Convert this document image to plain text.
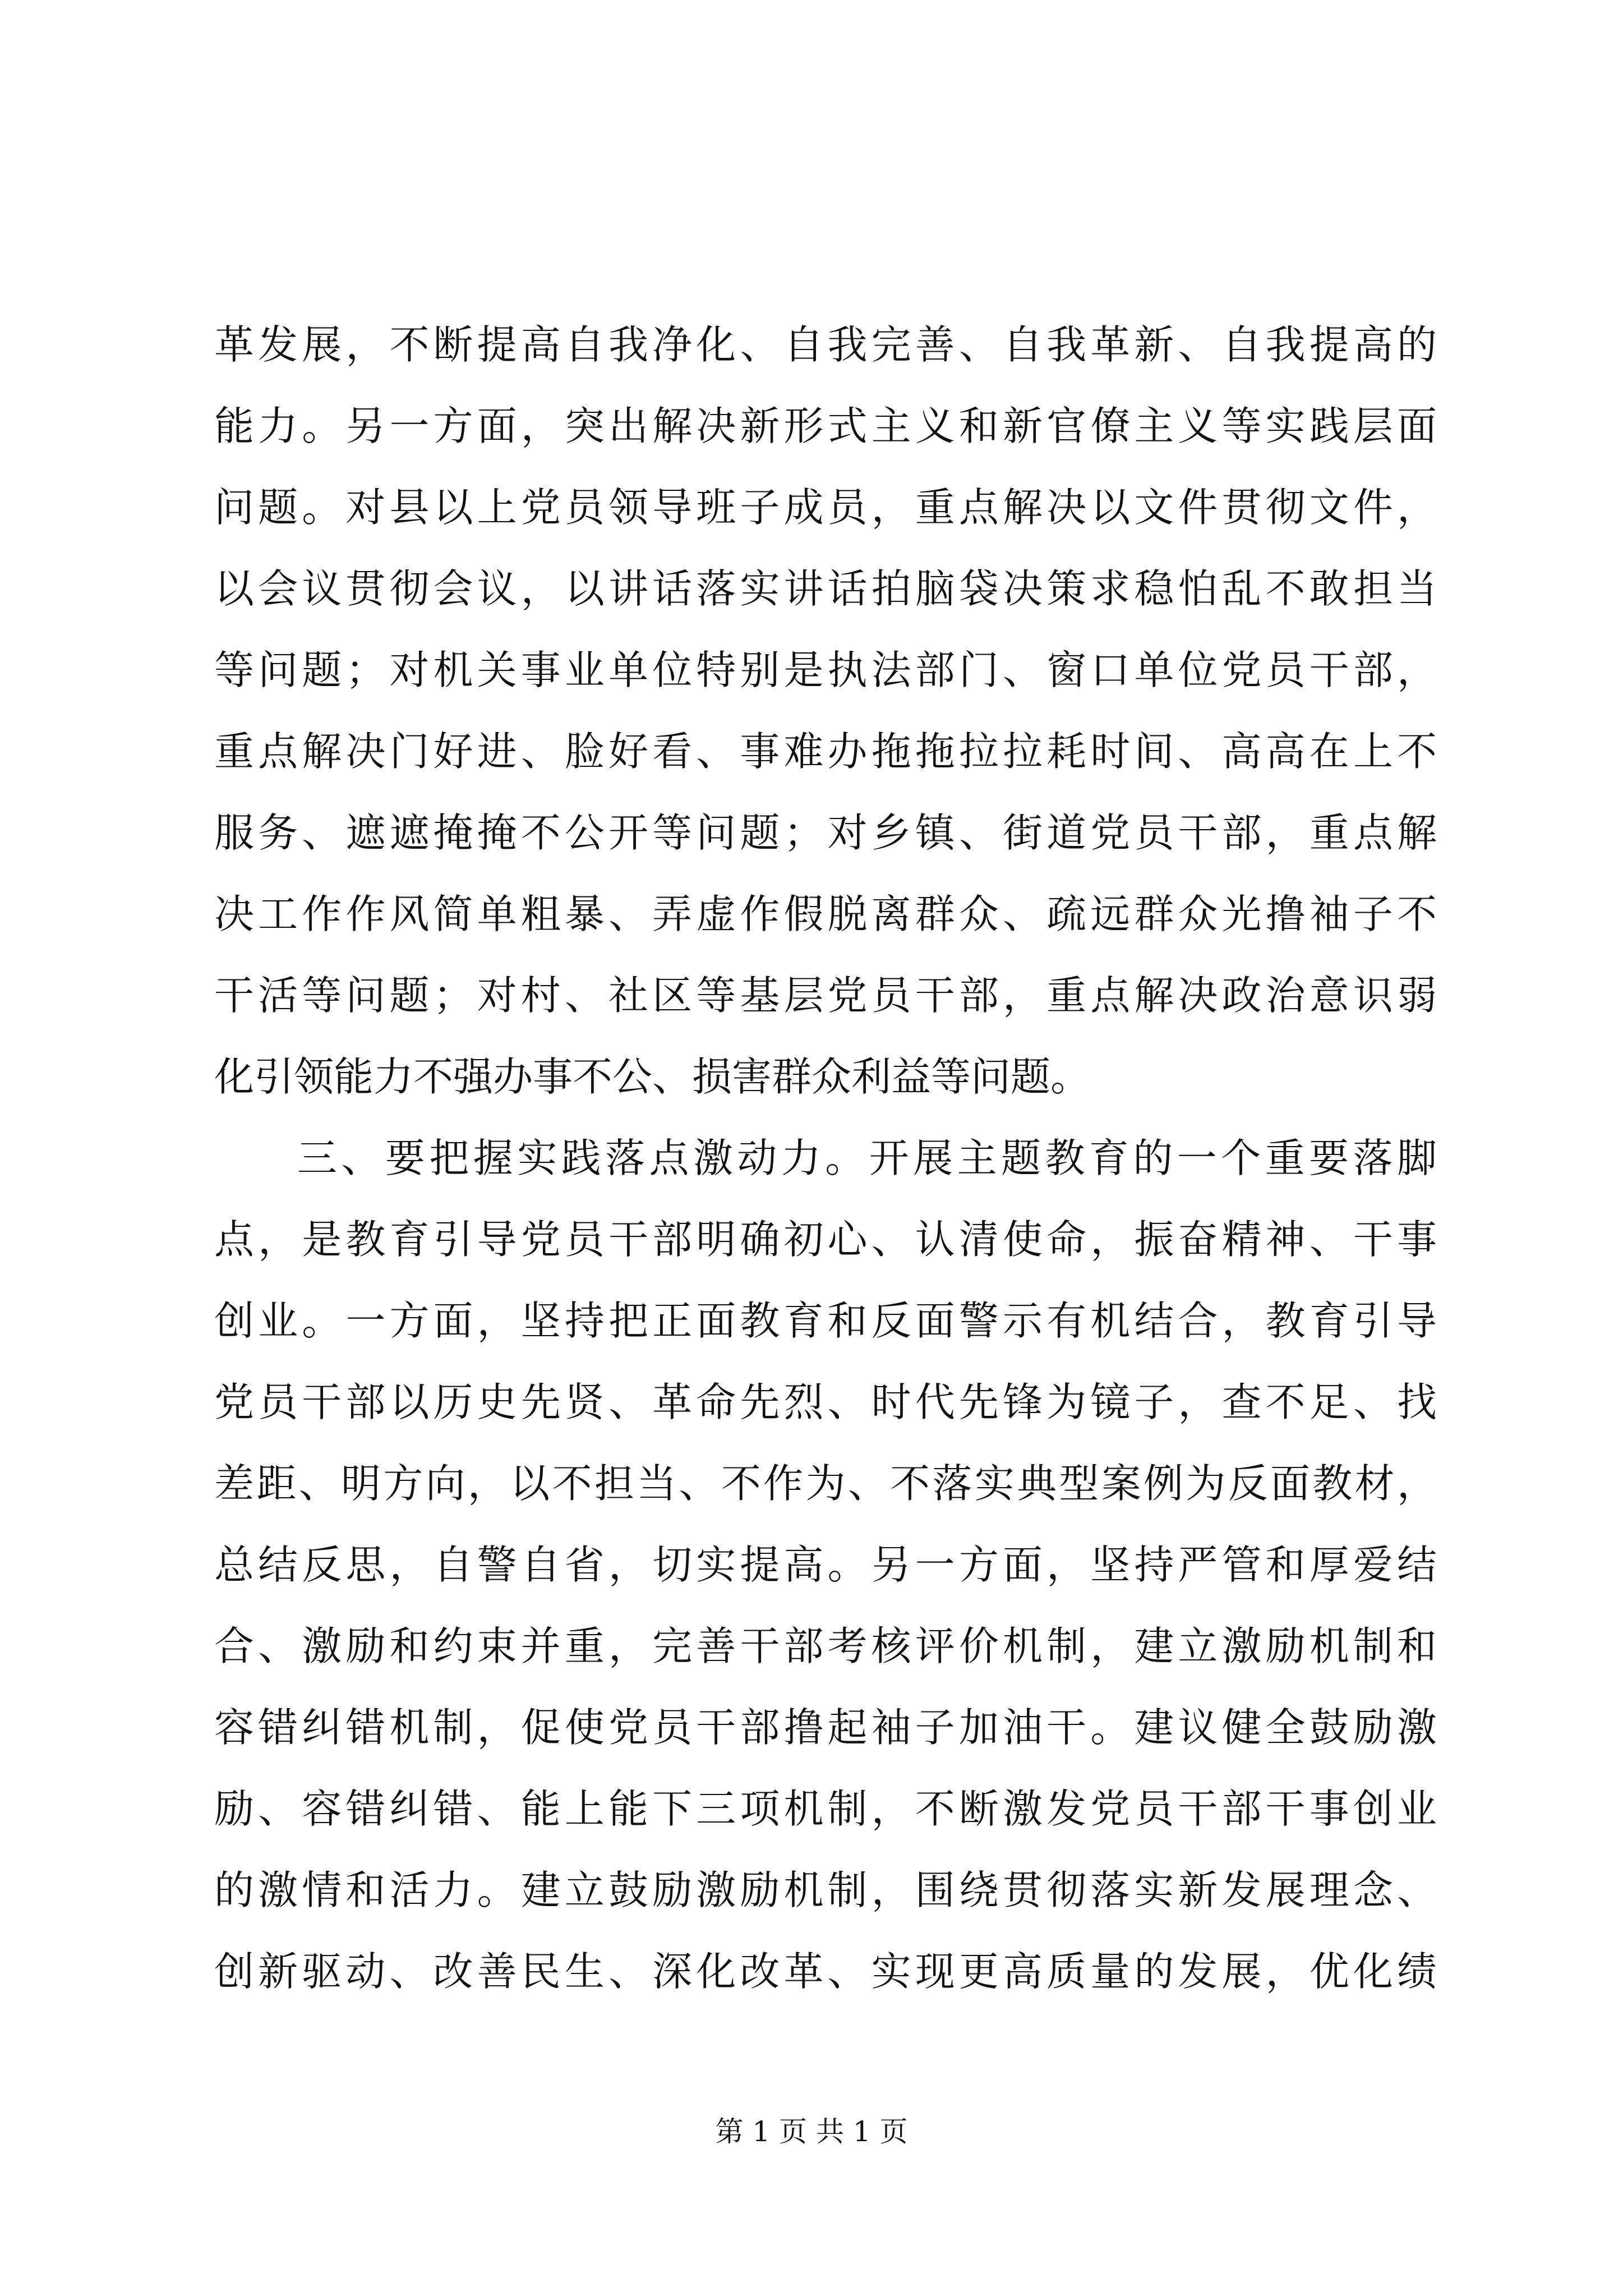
革发展，不断提高自我净化、自我完善、自我革新、自我提高的
能力。另一方面，突出解决新形式主义和新官僚主义等实践层面
问题。对县以上党员领导班子成员，重点解决以文件贯彻文件，
以会议贯彻会议，以讲话落实讲话拍脑袋决策求稳怕乱不敢担当
等问题；对机关事业单位特别是执法部门、窗口单位党员干部，
重点解决门好进、脸好看、事难办拖拖拉拉耗时间、高高在上不
服务、遮遮掩掩不公开等问题；对乡镇、街道党员干部，重点解
决工作作风简单粗暴、弄虚作假脱离群众、疏远群众光撸袖子不
干活等问题；对村、社区等基层党员干部，重点解决政治意识弱
化引领能力不强办事不公、损害群众利益等问题。
三、要把握实践落点激动力。开展主题教育的一个重要落脚
点，是教育引导党员干部明确初心、认清使命，振奋精神、干事
创业。一方面，坚持把正面教育和反面警示有机结合，教育引导
党员干部以历史先贤、革命先烈、时代先锋为镜子，查不足、找
差距、明方向，以不担当、不作为、不落实典型案例为反面教材，
总结反思，自警自省，切实提高。另一方面，坚持严管和厚爱结
合、激励和约束并重，完善干部考核评价机制，建立激励机制和
容错纠错机制，促使党员干部撸起袖子加油干。建议健全鼓励激
励、容错纠错、能上能下三项机制，不断激发党员干部干事创业
的激情和活力。建立鼓励激励机制，围绕贯彻落实新发展理念、
创新驱动、改善民生、深化改革、实现更高质量的发展，优化绩
第 1 页 共 1 页
